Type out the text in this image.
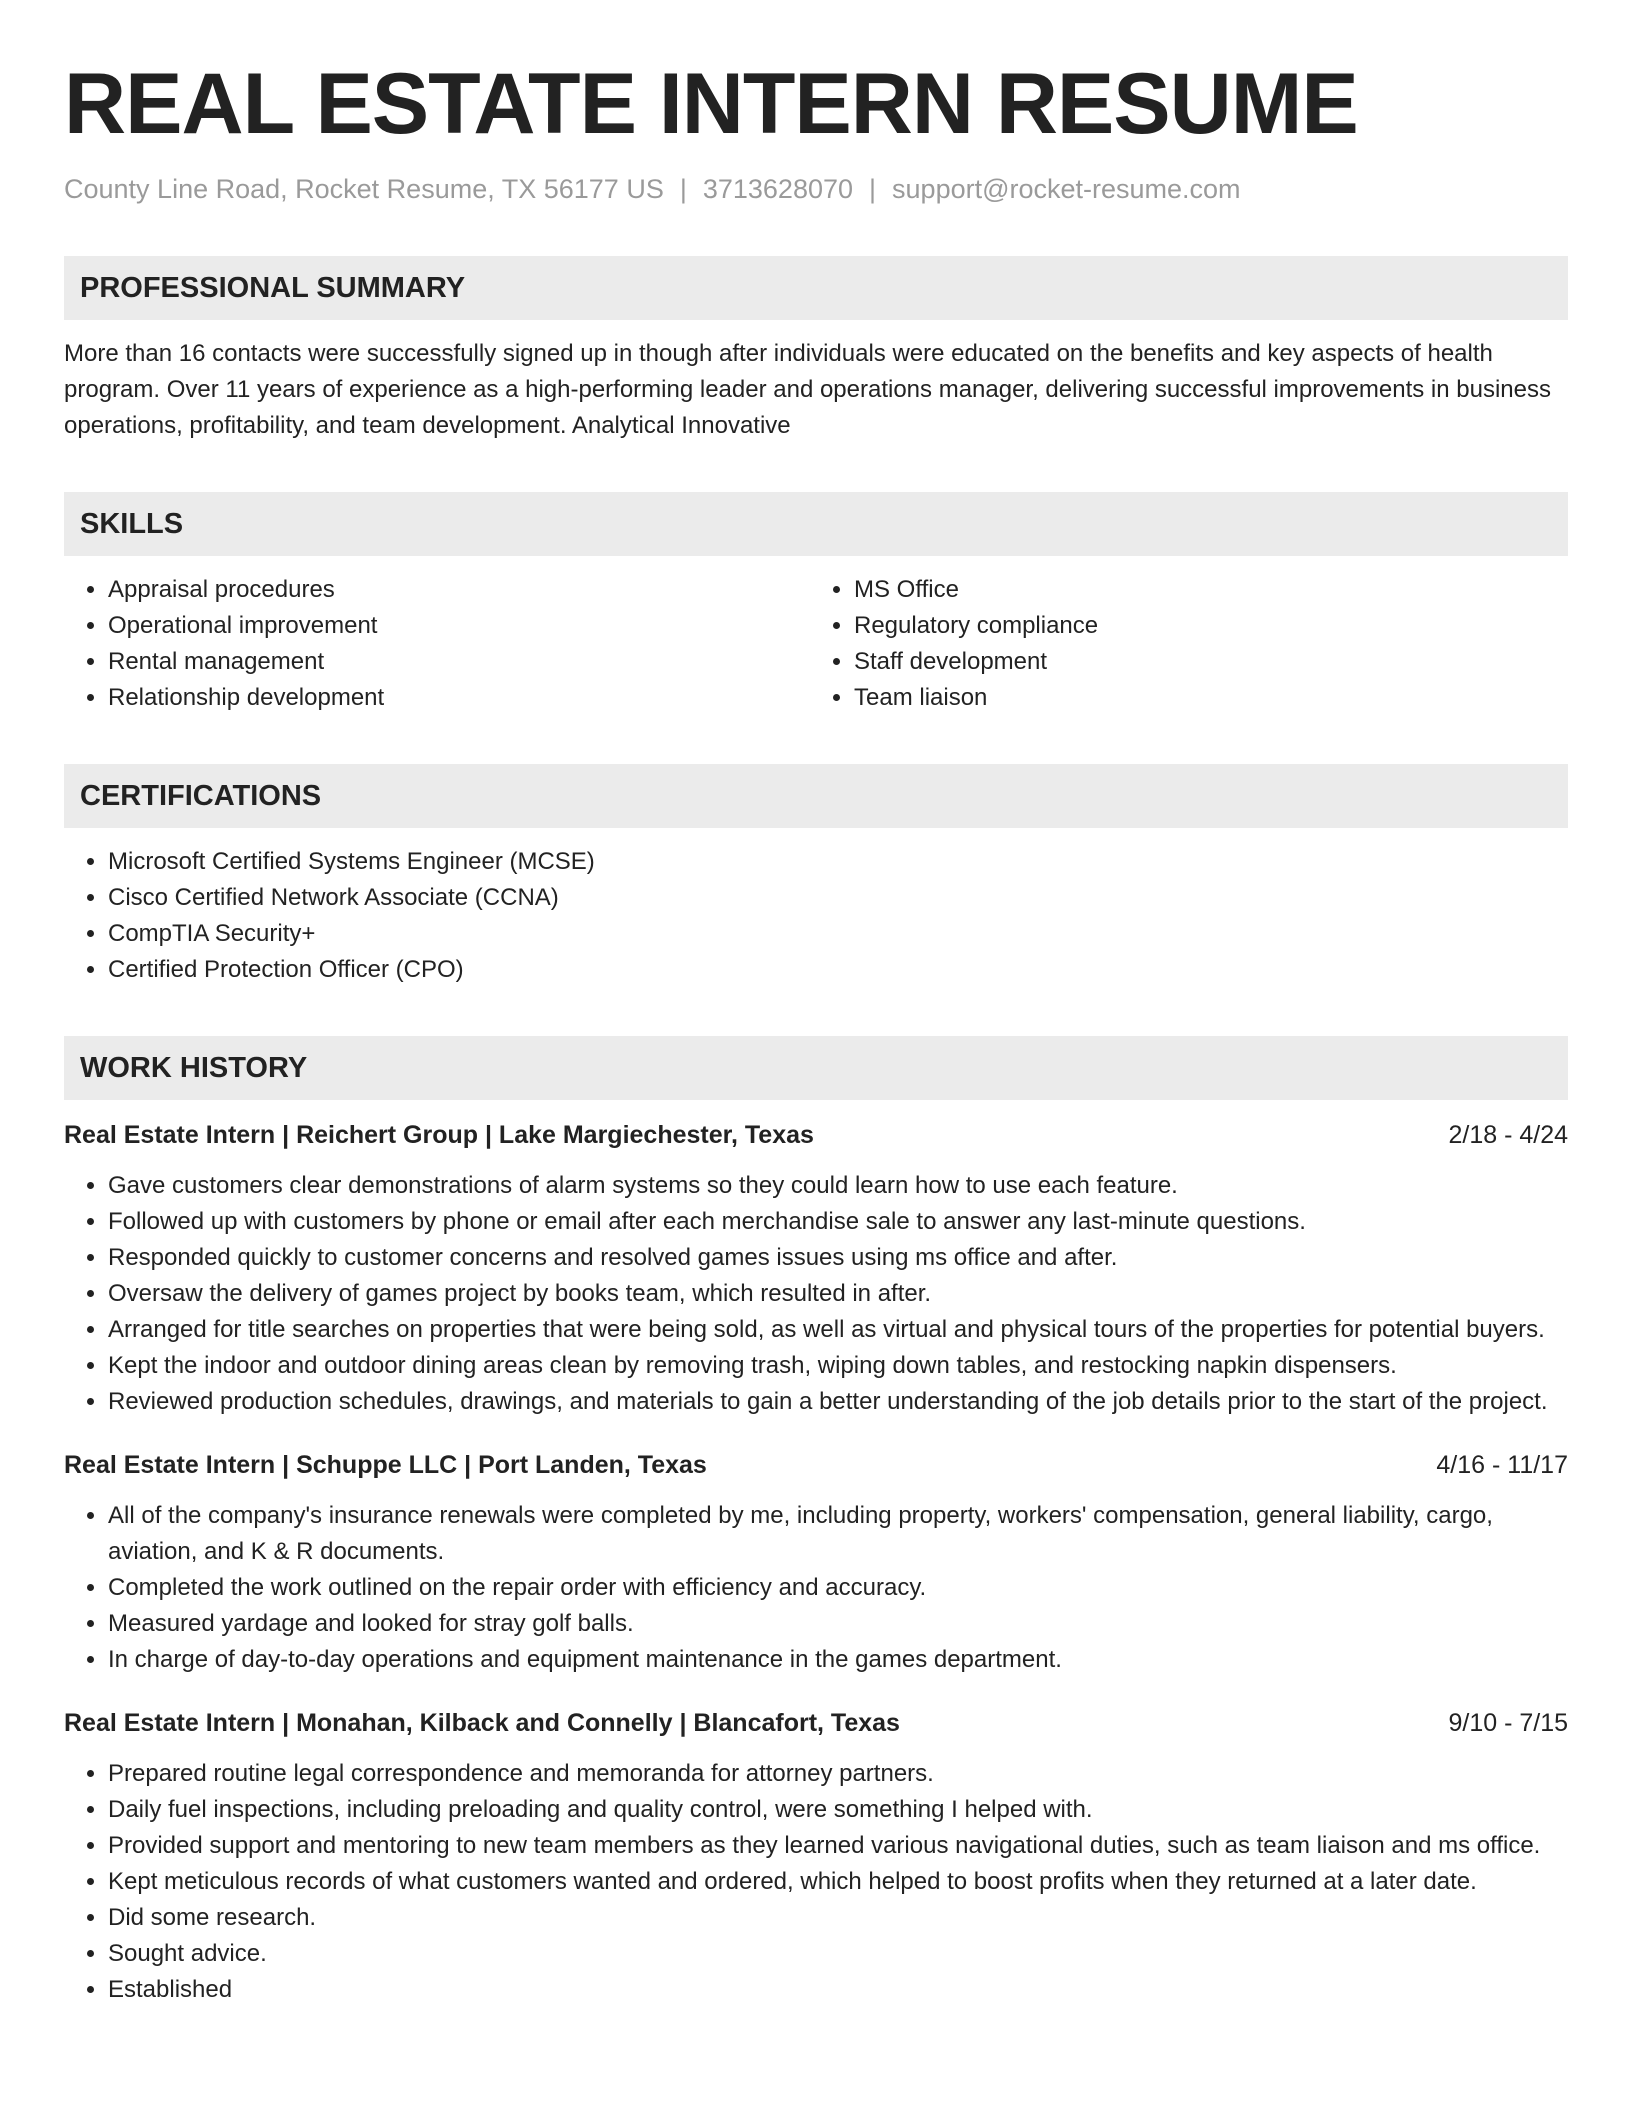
REAL ESTATE INTERN RESUME
County Line Road, Rocket Resume, TX 56177 US | 3713628070 | support@rocket-resume.com
PROFESSIONAL SUMMARY
More than 16 contacts were successfully signed up in though after individuals were educated on the benefits and key aspects of health program. Over 11 years of experience as a high-performing leader and operations manager, delivering successful improvements in business operations, profitability, and team development. Analytical Innovative
SKILLS
• Appraisal procedures
• Operational improvement
• Rental management
• Relationship development
• MS Office
• Regulatory compliance
• Staff development
• Team liaison
CERTIFICATIONS
• Microsoft Certified Systems Engineer (MCSE)
• Cisco Certified Network Associate (CCNA)
• CompTIA Security+
• Certified Protection Officer (CPO)
WORK HISTORY
Real Estate Intern | Reichert Group | Lake Margiechester, Texas	2/18 - 4/24
• Gave customers clear demonstrations of alarm systems so they could learn how to use each feature.
• Followed up with customers by phone or email after each merchandise sale to answer any last-minute questions.
• Responded quickly to customer concerns and resolved games issues using ms office and after.
• Oversaw the delivery of games project by books team, which resulted in after.
• Arranged for title searches on properties that were being sold, as well as virtual and physical tours of the properties for potential buyers.
• Kept the indoor and outdoor dining areas clean by removing trash, wiping down tables, and restocking napkin dispensers.
• Reviewed production schedules, drawings, and materials to gain a better understanding of the job details prior to the start of the project.
Real Estate Intern | Schuppe LLC | Port Landen, Texas	4/16 - 11/17
• All of the company's insurance renewals were completed by me, including property, workers' compensation, general liability, cargo, aviation, and K & R documents.
• Completed the work outlined on the repair order with efficiency and accuracy.
• Measured yardage and looked for stray golf balls.
• In charge of day-to-day operations and equipment maintenance in the games department.
Real Estate Intern | Monahan, Kilback and Connelly | Blancafort, Texas	9/10 - 7/15
• Prepared routine legal correspondence and memoranda for attorney partners.
• Daily fuel inspections, including preloading and quality control, were something I helped with.
• Provided support and mentoring to new team members as they learned various navigational duties, such as team liaison and ms office.
• Kept meticulous records of what customers wanted and ordered, which helped to boost profits when they returned at a later date.
• Did some research.
• Sought advice.
• Established
